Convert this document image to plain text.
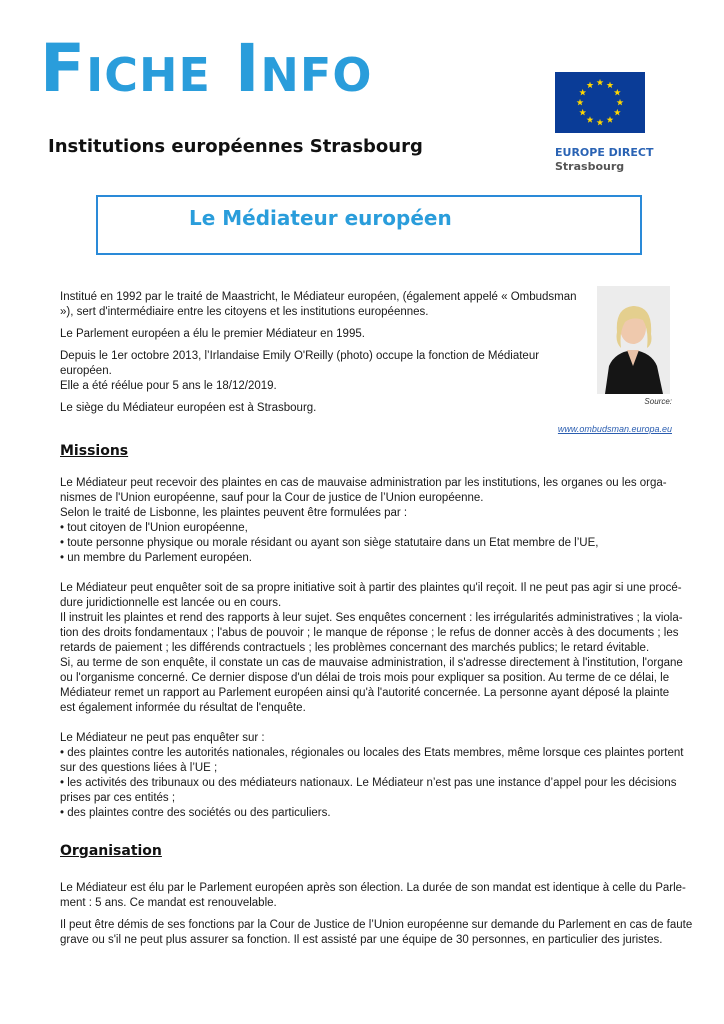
Fiche Info
Institutions européennes Strasbourg	EUROPE DIRECT
Strasbourg
Le Médiateur européen

Institué en 1992 par le traité de Maastricht, le Médiateur européen, (également appelé « Ombudsman
»), sert d'intermédiaire entre les citoyens et les institutions européennes.

Le Parlement européen a élu le premier Médiateur en 1995.

Depuis le 1er octobre 2013, l’Irlandaise Emily O'Reilly (photo) occupe la fonction de Médiateur européen.
Elle a été réélue pour 5 ans le 18/12/2019.

Le siège du Médiateur européen est à Strasbourg.

Source:
www.ombudsman.europa.eu
Missions
Le Médiateur peut recevoir des plaintes en cas de mauvaise administration par les institutions, les organes ou les orga-
nismes de l'Union européenne, sauf pour la Cour de justice de l’Union européenne.
Selon le traité de Lisbonne, les plaintes peuvent être formulées par :
• tout citoyen de l'Union européenne,
• toute personne physique ou morale résidant ou ayant son siège statutaire dans un Etat membre de l’UE,
• un membre du Parlement européen.
Le Médiateur peut enquêter soit de sa propre initiative soit à partir des plaintes qu'il reçoit. Il ne peut pas agir si une procé-
dure juridictionnelle est lancée ou en cours.
Il instruit les plaintes et rend des rapports à leur sujet. Ses enquêtes concernent : les irrégularités administratives ; la viola-
tion des droits fondamentaux ; l'abus de pouvoir ; le manque de réponse ; le refus de donner accès à des documents ; les
retards de paiement ; les différends contractuels ; les problèmes concernant des marchés publics; le retard évitable.
Si, au terme de son enquête, il constate un cas de mauvaise administration, il s'adresse directement à l'institution, l'organe
ou l'organisme concerné. Ce dernier dispose d'un délai de trois mois pour expliquer sa position. Au terme de ce délai, le
Médiateur remet un rapport au Parlement européen ainsi qu'à l'autorité concernée. La personne ayant déposé la plainte
est également informée du résultat de l'enquête.
Le Médiateur ne peut pas enquêter sur :
• des plaintes contre les autorités nationales, régionales ou locales des Etats membres, même lorsque ces plaintes portent
sur des questions liées à l’UE ;
• les activités des tribunaux ou des médiateurs nationaux. Le Médiateur n’est pas une instance d’appel pour les décisions
prises par ces entités ;
• des plaintes contre des sociétés ou des particuliers.
Organisation
Le Médiateur est élu par le Parlement européen après son élection. La durée de son mandat est identique à celle du Parle-
ment : 5 ans. Ce mandat est renouvelable.
Il peut être démis de ses fonctions par la Cour de Justice de l’Union européenne sur demande du Parlement en cas de faute
grave ou s'il ne peut plus assurer sa fonction. Il est assisté par une équipe de 30 personnes, en particulier des juristes.
